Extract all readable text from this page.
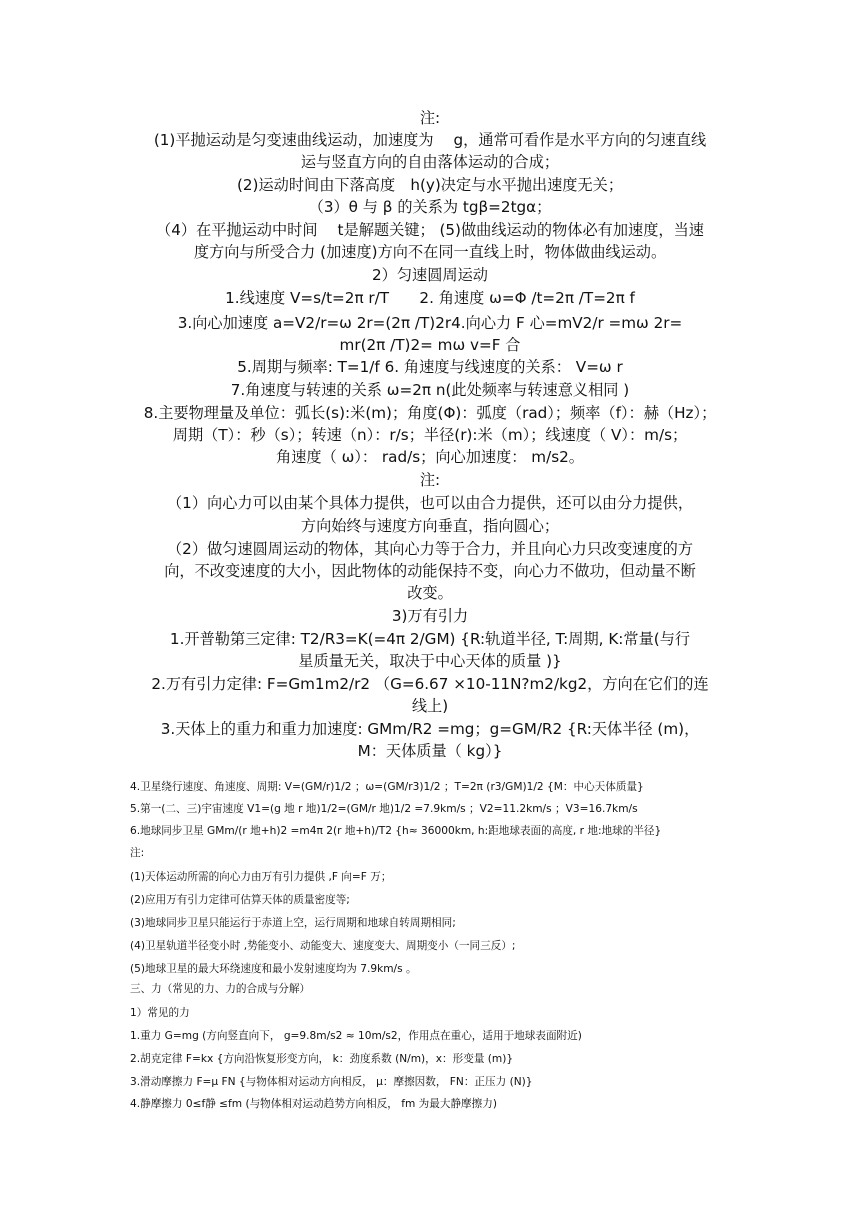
注:
(1)平抛运动是匀变速曲线运动，加速度为　 g，通常可看作是水平方向的匀速直线
运与竖直方向的自由落体运动的合成；
(2)运动时间由下落高度　h(y)决定与水平抛出速度无关；
（3）θ 与 β 的关系为 tgβ=2tgα；
（4）在平抛运动中时间　 t是解题关键； (5)做曲线运动的物体必有加速度，当速
度方向与所受合力 (加速度)方向不在同一直线上时，物体做曲线运动。
2）匀速圆周运动
1.线速度 V=s/t=2π r/T　　2. 角速度 ω=Φ /t=2π /T=2π f
3.向心加速度 a=V2/r=ω 2r=(2π /T)2r4.向心力 F 心=mV2/r =mω 2r=
mr(2π /T)2= mω v=F 合
5.周期与频率: T=1/f 6. 角速度与线速度的关系： V=ω r
7.角速度与转速的关系 ω=2π n(此处频率与转速意义相同 )
8.主要物理量及单位：弧长(s):米(m)；角度(Φ)：弧度（rad）；频率（f）：赫（Hz）；
周期（T）：秒（s）；转速（n）：r/s；半径(r):米（m）；线速度（ V）：m/s；
角速度（ ω）： rad/s；向心加速度： m/s2。
注:
（1）向心力可以由某个具体力提供，也可以由合力提供，还可以由分力提供，
方向始终与速度方向垂直，指向圆心；
（2）做匀速圆周运动的物体，其向心力等于合力，并且向心力只改变速度的方
向，不改变速度的大小，因此物体的动能保持不变，向心力不做功，但动量不断
改变。
3)万有引力
1.开普勒第三定律: T2/R3=K(=4π 2/GM) {R:轨道半径, T:周期, K:常量(与行
星质量无关，取决于中心天体的质量 )}
2.万有引力定律: F=Gm1m2/r2 （G=6.67 ×10-11N?m2/kg2，方向在它们的连
线上)
3.天体上的重力和重力加速度: GMm/R2 =mg；g=GM/R2 {R:天体半径 (m)，
M：天体质量（ kg）}
4.卫星绕行速度、角速度、周期: V=(GM/r)1/2 ；ω=(GM/r3)1/2 ；T=2π (r3/GM)1/2 {M：中心天体质量}
5.第一(二、三)宇宙速度 V1=(g 地 r 地)1/2=(GM/r 地)1/2 =7.9km/s ；V2=11.2km/s ；V3=16.7km/s
6.地球同步卫星 GMm/(r 地+h)2 =m4π 2(r 地+h)/T2 {h≈ 36000km, h:距地球表面的高度, r 地:地球的半径}
注:
(1)天体运动所需的向心力由万有引力提供 ,F 向=F 万；
(2)应用万有引力定律可估算天体的质量密度等;
(3)地球同步卫星只能运行于赤道上空，运行周期和地球自转周期相同;
(4)卫星轨道半径变小时 ,势能变小、动能变大、速度变大、周期变小（一同三反）;
(5)地球卫星的最大环绕速度和最小发射速度均为 7.9km/s 。
三、力（常见的力、力的合成与分解）
1）常见的力
1.重力 G=mg (方向竖直向下， g=9.8m/s2 ≈ 10m/s2，作用点在重心，适用于地球表面附近)
2.胡克定律 F=kx {方向沿恢复形变方向， k：劲度系数 (N/m)，x：形变量 (m)}
3.滑动摩擦力 F=μ FN {与物体相对运动方向相反， μ：摩擦因数， FN：正压力 (N)}
4.静摩擦力 0≤f静 ≤fm (与物体相对运动趋势方向相反， fm 为最大静摩擦力)
